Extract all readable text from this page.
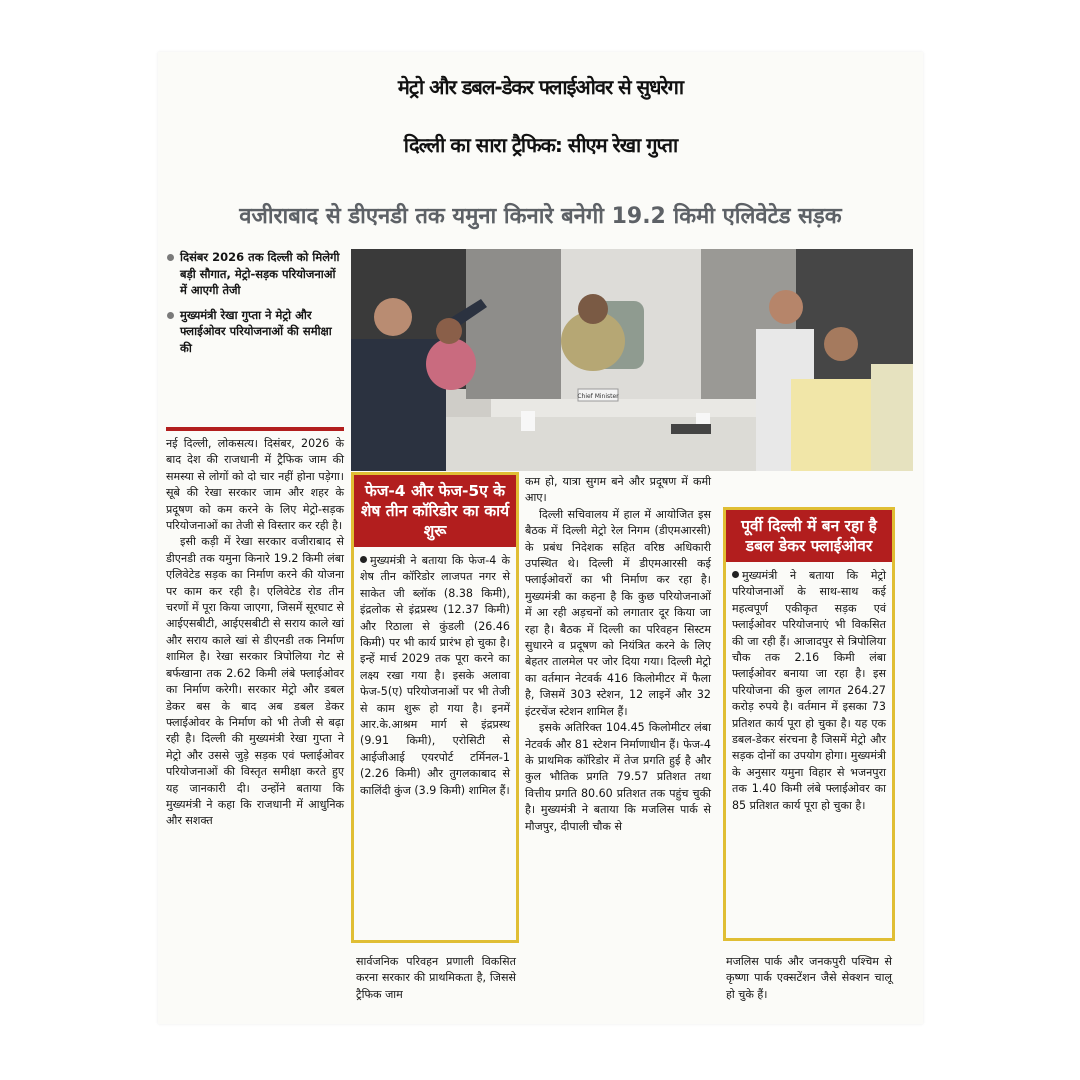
मेट्रो और डबल-डेकर फ्लाईओवर से सुधरेगा
दिल्ली का सारा ट्रैफिक: सीएम रेखा गुप्ता
वजीराबाद से डीएनडी तक यमुना किनारे बनेगी 19.2 किमी एलिवेटेड सड़क
दिसंबर 2026 तक दिल्ली को मिलेगी बड़ी सौगात, मेट्रो-सड़क परियोजनाओं में आएगी तेजी
मुख्यमंत्री रेखा गुप्ता ने मेट्रो और फ्लाईओवर परियोजनाओं की समीक्षा की
Chief Minister

नई दिल्ली, लोकसत्य। दिसंबर, 2026 के बाद देश की राजधानी में ट्रैफिक जाम की समस्या से लोगों को दो चार नहीं होना पड़ेगा। सूबे की रेखा सरकार जाम और शहर के प्रदूषण को कम करने के लिए मेट्रो-सड़क परियोजनाओं का तेजी से विस्तार कर रही है।

इसी कड़ी में रेखा सरकार वजीराबाद से डीएनडी तक यमुना किनारे 19.2 किमी लंबा एलिवेटेड सड़क का निर्माण करने की योजना पर काम कर रही है। एलिवेटेड रोड तीन चरणों में पूरा किया जाएगा, जिसमें सूरघाट से आईएसबीटी, आईएसबीटी से सराय काले खां और सराय काले खां से डीएनडी तक निर्माण शामिल है। रेखा सरकार त्रिपोलिया गेट से बर्फखाना तक 2.62 किमी लंबे फ्लाईओवर का निर्माण करेगी। सरकार मेट्रो और डबल डेकर बस के बाद अब डबल डेकर फ्लाईओवर के निर्माण को भी तेजी से बढ़ा रही है। दिल्ली की मुख्यमंत्री रेखा गुप्ता ने मेट्रो और उससे जुड़े सड़क एवं फ्लाईओवर परियोजनाओं की विस्तृत समीक्षा करते हुए यह जानकारी दी। उन्होंने बताया कि मुख्यमंत्री ने कहा कि राजधानी में आधुनिक और सशक्त

फेज-4 और फेज-5ए के शेष तीन कॉरिडोर का कार्य शुरू
मुख्यमंत्री ने बताया कि फेज-4 के शेष तीन कॉरिडोर लाजपत नगर से साकेत जी ब्लॉक (8.38 किमी), इंद्रलोक से इंद्रप्रस्थ (12.37 किमी) और रिठाला से कुंडली (26.46 किमी) पर भी कार्य प्रारंभ हो चुका है। इन्हें मार्च 2029 तक पूरा करने का लक्ष्य रखा गया है। इसके अलावा फेज-5(ए) परियोजनाओं पर भी तेजी से काम शुरू हो गया है। इनमें आर.के.आश्रम मार्ग से इंद्रप्रस्थ (9.91 किमी), एरोसिटी से आईजीआई एयरपोर्ट टर्मिनल-1 (2.26 किमी) और तुगलकाबाद से कालिंदी कुंज (3.9 किमी) शामिल हैं।

सार्वजनिक परिवहन प्रणाली विकसित करना सरकार की प्राथमिकता है, जिससे ट्रैफिक जाम

कम हो, यात्रा सुगम बने और प्रदूषण में कमी आए।

दिल्ली सचिवालय में हाल में आयोजित इस बैठक में दिल्ली मेट्रो रेल निगम (डीएमआरसी) के प्रबंध निदेशक सहित वरिष्ठ अधिकारी उपस्थित थे। दिल्ली में डीएमआरसी कई फ्लाईओवरों का भी निर्माण कर रहा है। मुख्यमंत्री का कहना है कि कुछ परियोजनाओं में आ रही अड़चनों को लगातार दूर किया जा रहा है। बैठक में दिल्ली का परिवहन सिस्टम सुधारने व प्रदूषण को नियंत्रित करने के लिए बेहतर तालमेल पर जोर दिया गया। दिल्ली मेट्रो का वर्तमान नेटवर्क 416 किलोमीटर में फैला है, जिसमें 303 स्टेशन, 12 लाइनें और 32 इंटरचेंज स्टेशन शामिल हैं।

इसके अतिरिक्त 104.45 किलोमीटर लंबा नेटवर्क और 81 स्टेशन निर्माणाधीन हैं। फेज-4 के प्राथमिक कॉरिडोर में तेज प्रगति हुई है और कुल भौतिक प्रगति 79.57 प्रतिशत तथा वित्तीय प्रगति 80.60 प्रतिशत तक पहुंच चुकी है। मुख्यमंत्री ने बताया कि मजलिस पार्क से मौजपुर, दीपाली चौक से

पूर्वी दिल्ली में बन रहा है डबल डेकर फ्लाईओवर
मुख्यमंत्री ने बताया कि मेट्रो परियोजनाओं के साथ-साथ कई महत्वपूर्ण एकीकृत सड़क एवं फ्लाईओवर परियोजनाएं भी विकसित की जा रही हैं। आजादपुर से त्रिपोलिया चौक तक 2.16 किमी लंबा फ्लाईओवर बनाया जा रहा है। इस परियोजना की कुल लागत 264.27 करोड़ रुपये है। वर्तमान में इसका 73 प्रतिशत कार्य पूरा हो चुका है। यह एक डबल-डेकर संरचना है जिसमें मेट्रो और सड़क दोनों का उपयोग होगा। मुख्यमंत्री के अनुसार यमुना विहार से भजनपुरा तक 1.40 किमी लंबे फ्लाईओवर का 85 प्रतिशत कार्य पूरा हो चुका है।

मजलिस पार्क और जनकपुरी पश्चिम से कृष्णा पार्क एक्सटेंशन जैसे सेक्शन चालू हो चुके हैं।
